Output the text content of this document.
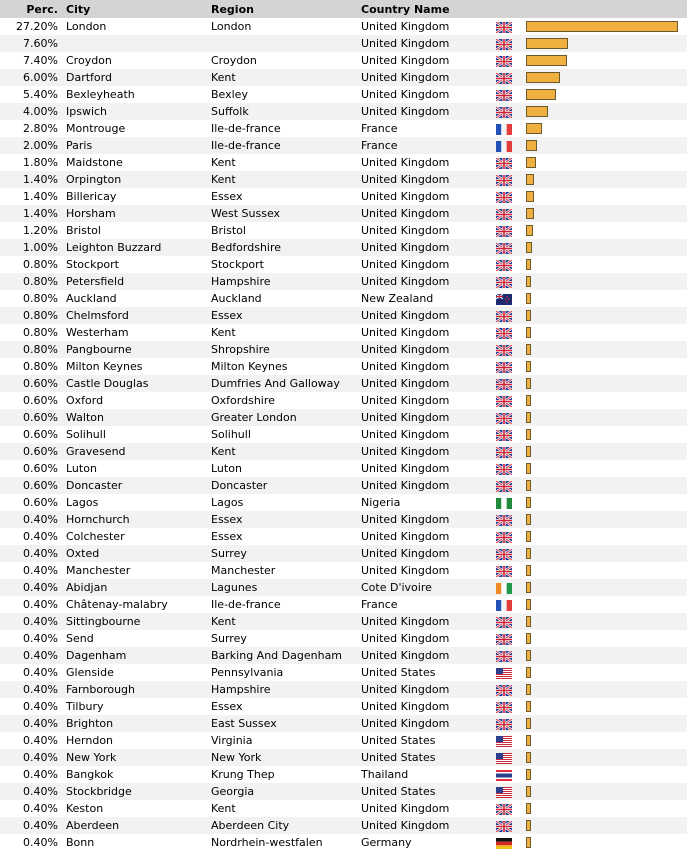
Perc.	City	Region	Country Name		
27.20%	London	London	United Kingdom		

7.60%			United Kingdom		

7.40%	Croydon	Croydon	United Kingdom		

6.00%	Dartford	Kent	United Kingdom		

5.40%	Bexleyheath	Bexley	United Kingdom		

4.00%	Ipswich	Suffolk	United Kingdom		

2.80%	Montrouge	Ile-de-france	France		

2.00%	Paris	Ile-de-france	France		

1.80%	Maidstone	Kent	United Kingdom		

1.40%	Orpington	Kent	United Kingdom		

1.40%	Billericay	Essex	United Kingdom		

1.40%	Horsham	West Sussex	United Kingdom		

1.20%	Bristol	Bristol	United Kingdom		

1.00%	Leighton Buzzard	Bedfordshire	United Kingdom		

0.80%	Stockport	Stockport	United Kingdom		

0.80%	Petersfield	Hampshire	United Kingdom		

0.80%	Auckland	Auckland	New Zealand		

0.80%	Chelmsford	Essex	United Kingdom		

0.80%	Westerham	Kent	United Kingdom		

0.80%	Pangbourne	Shropshire	United Kingdom		

0.80%	Milton Keynes	Milton Keynes	United Kingdom		

0.60%	Castle Douglas	Dumfries And Galloway	United Kingdom		

0.60%	Oxford	Oxfordshire	United Kingdom		

0.60%	Walton	Greater London	United Kingdom		

0.60%	Solihull	Solihull	United Kingdom		

0.60%	Gravesend	Kent	United Kingdom		

0.60%	Luton	Luton	United Kingdom		

0.60%	Doncaster	Doncaster	United Kingdom		

0.60%	Lagos	Lagos	Nigeria		

0.40%	Hornchurch	Essex	United Kingdom		

0.40%	Colchester	Essex	United Kingdom		

0.40%	Oxted	Surrey	United Kingdom		

0.40%	Manchester	Manchester	United Kingdom		

0.40%	Abidjan	Lagunes	Cote D'ivoire		

0.40%	Châtenay-malabry	Ile-de-france	France		

0.40%	Sittingbourne	Kent	United Kingdom		

0.40%	Send	Surrey	United Kingdom		

0.40%	Dagenham	Barking And Dagenham	United Kingdom		

0.40%	Glenside	Pennsylvania	United States		

0.40%	Farnborough	Hampshire	United Kingdom		

0.40%	Tilbury	Essex	United Kingdom		

0.40%	Brighton	East Sussex	United Kingdom		

0.40%	Herndon	Virginia	United States		

0.40%	New York	New York	United States		

0.40%	Bangkok	Krung Thep	Thailand		

0.40%	Stockbridge	Georgia	United States		

0.40%	Keston	Kent	United Kingdom		

0.40%	Aberdeen	Aberdeen City	United Kingdom		

0.40%	Bonn	Nordrhein-westfalen	Germany		
